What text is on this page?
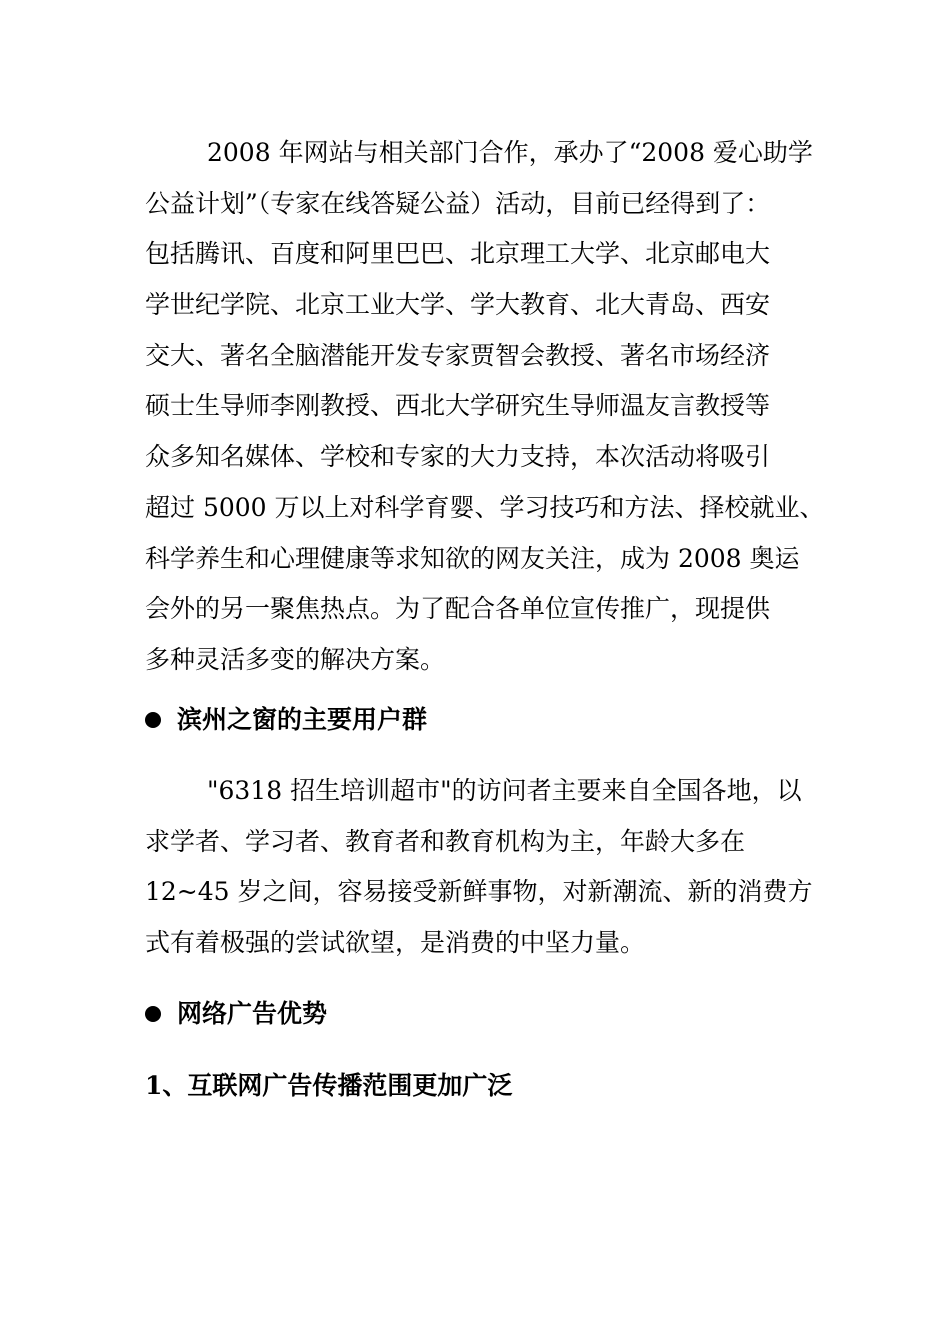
2008 年网站与相关部门合作，承办了“2008 爱心助学
公益计划”（专家在线答疑公益）活动，目前已经得到了：
包括腾讯、百度和阿里巴巴、北京理工大学、北京邮电大
学世纪学院、北京工业大学、学大教育、北大青岛、西安
交大、著名全脑潜能开发专家贾智会教授、著名市场经济
硕士生导师李刚教授、西北大学研究生导师温友言教授等
众多知名媒体、学校和专家的大力支持，本次活动将吸引
超过 5000 万以上对科学育婴、学习技巧和方法、择校就业、
科学养生和心理健康等求知欲的网友关注，成为 2008 奥运
会外的另一聚焦热点。为了配合各单位宣传推广，现提供
多种灵活多变的解决方案。
滨州之窗的主要用户群
"6318 招生培训超市"的访问者主要来自全国各地，以
求学者、学习者、教育者和教育机构为主，年龄大多在
12~45 岁之间，容易接受新鲜事物，对新潮流、新的消费方
式有着极强的尝试欲望，是消费的中坚力量。
网络广告优势
1、互联网广告传播范围更加广泛
